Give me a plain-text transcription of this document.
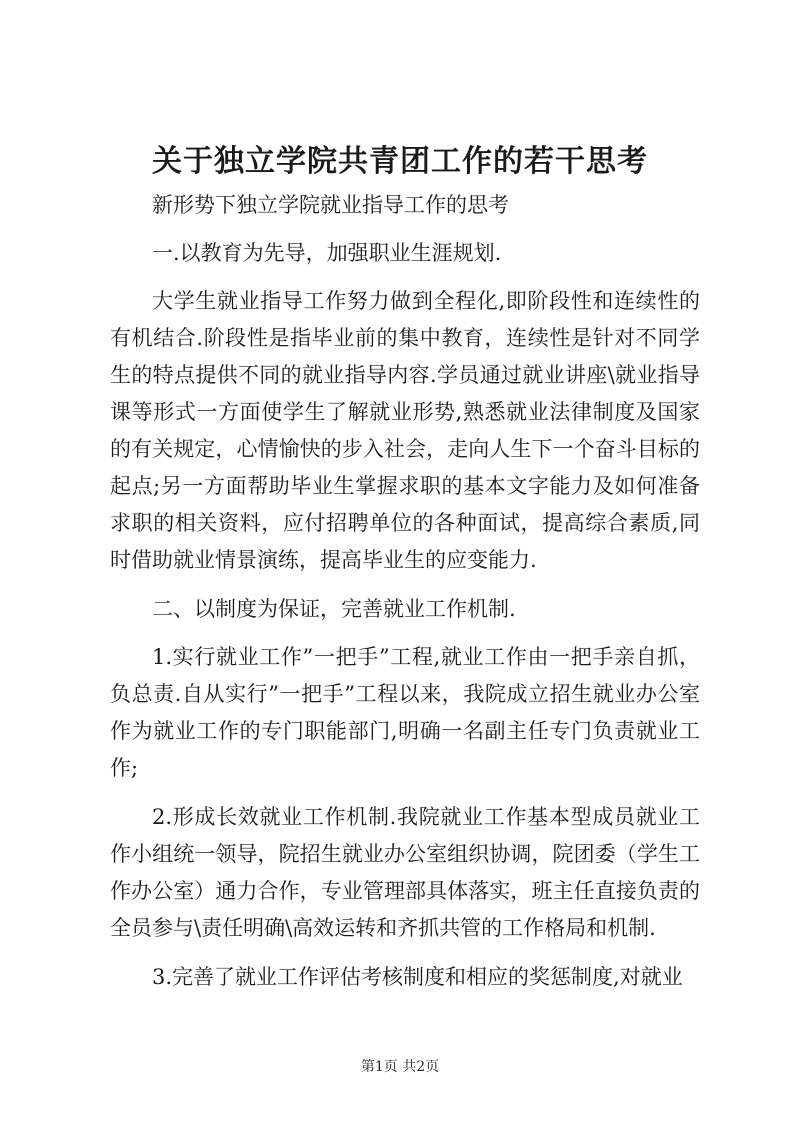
关于独立学院共青团工作的若干思考

新形势下独立学院就业指导工作的思考

一.以教育为先导，加强职业生涯规划.

大学生就业指导工作努力做到全程化,即阶段性和连续性的有机结合.阶段性是指毕业前的集中教育，连续性是针对不同学生的特点提供不同的就业指导内容.学员通过就业讲座\就业指导课等形式一方面使学生了解就业形势,熟悉就业法律制度及国家的有关规定，心情愉快的步入社会，走向人生下一个奋斗目标的起点;另一方面帮助毕业生掌握求职的基本文字能力及如何准备求职的相关资料，应付招聘单位的各种面试，提高综合素质,同时借助就业情景演练，提高毕业生的应变能力.

二、以制度为保证，完善就业工作机制.

1.实行就业工作”一把手”工程,就业工作由一把手亲自抓，负总责.自从实行”一把手”工程以来，我院成立招生就业办公室作为就业工作的专门职能部门,明确一名副主任专门负责就业工作;

2.形成长效就业工作机制.我院就业工作基本型成员就业工作小组统一领导，院招生就业办公室组织协调，院团委（学生工作办公室）通力合作，专业管理部具体落实，班主任直接负责的全员参与\责任明确\高效运转和齐抓共管的工作格局和机制.

3.完善了就业工作评估考核制度和相应的奖惩制度,对就业

第1页 共2页
